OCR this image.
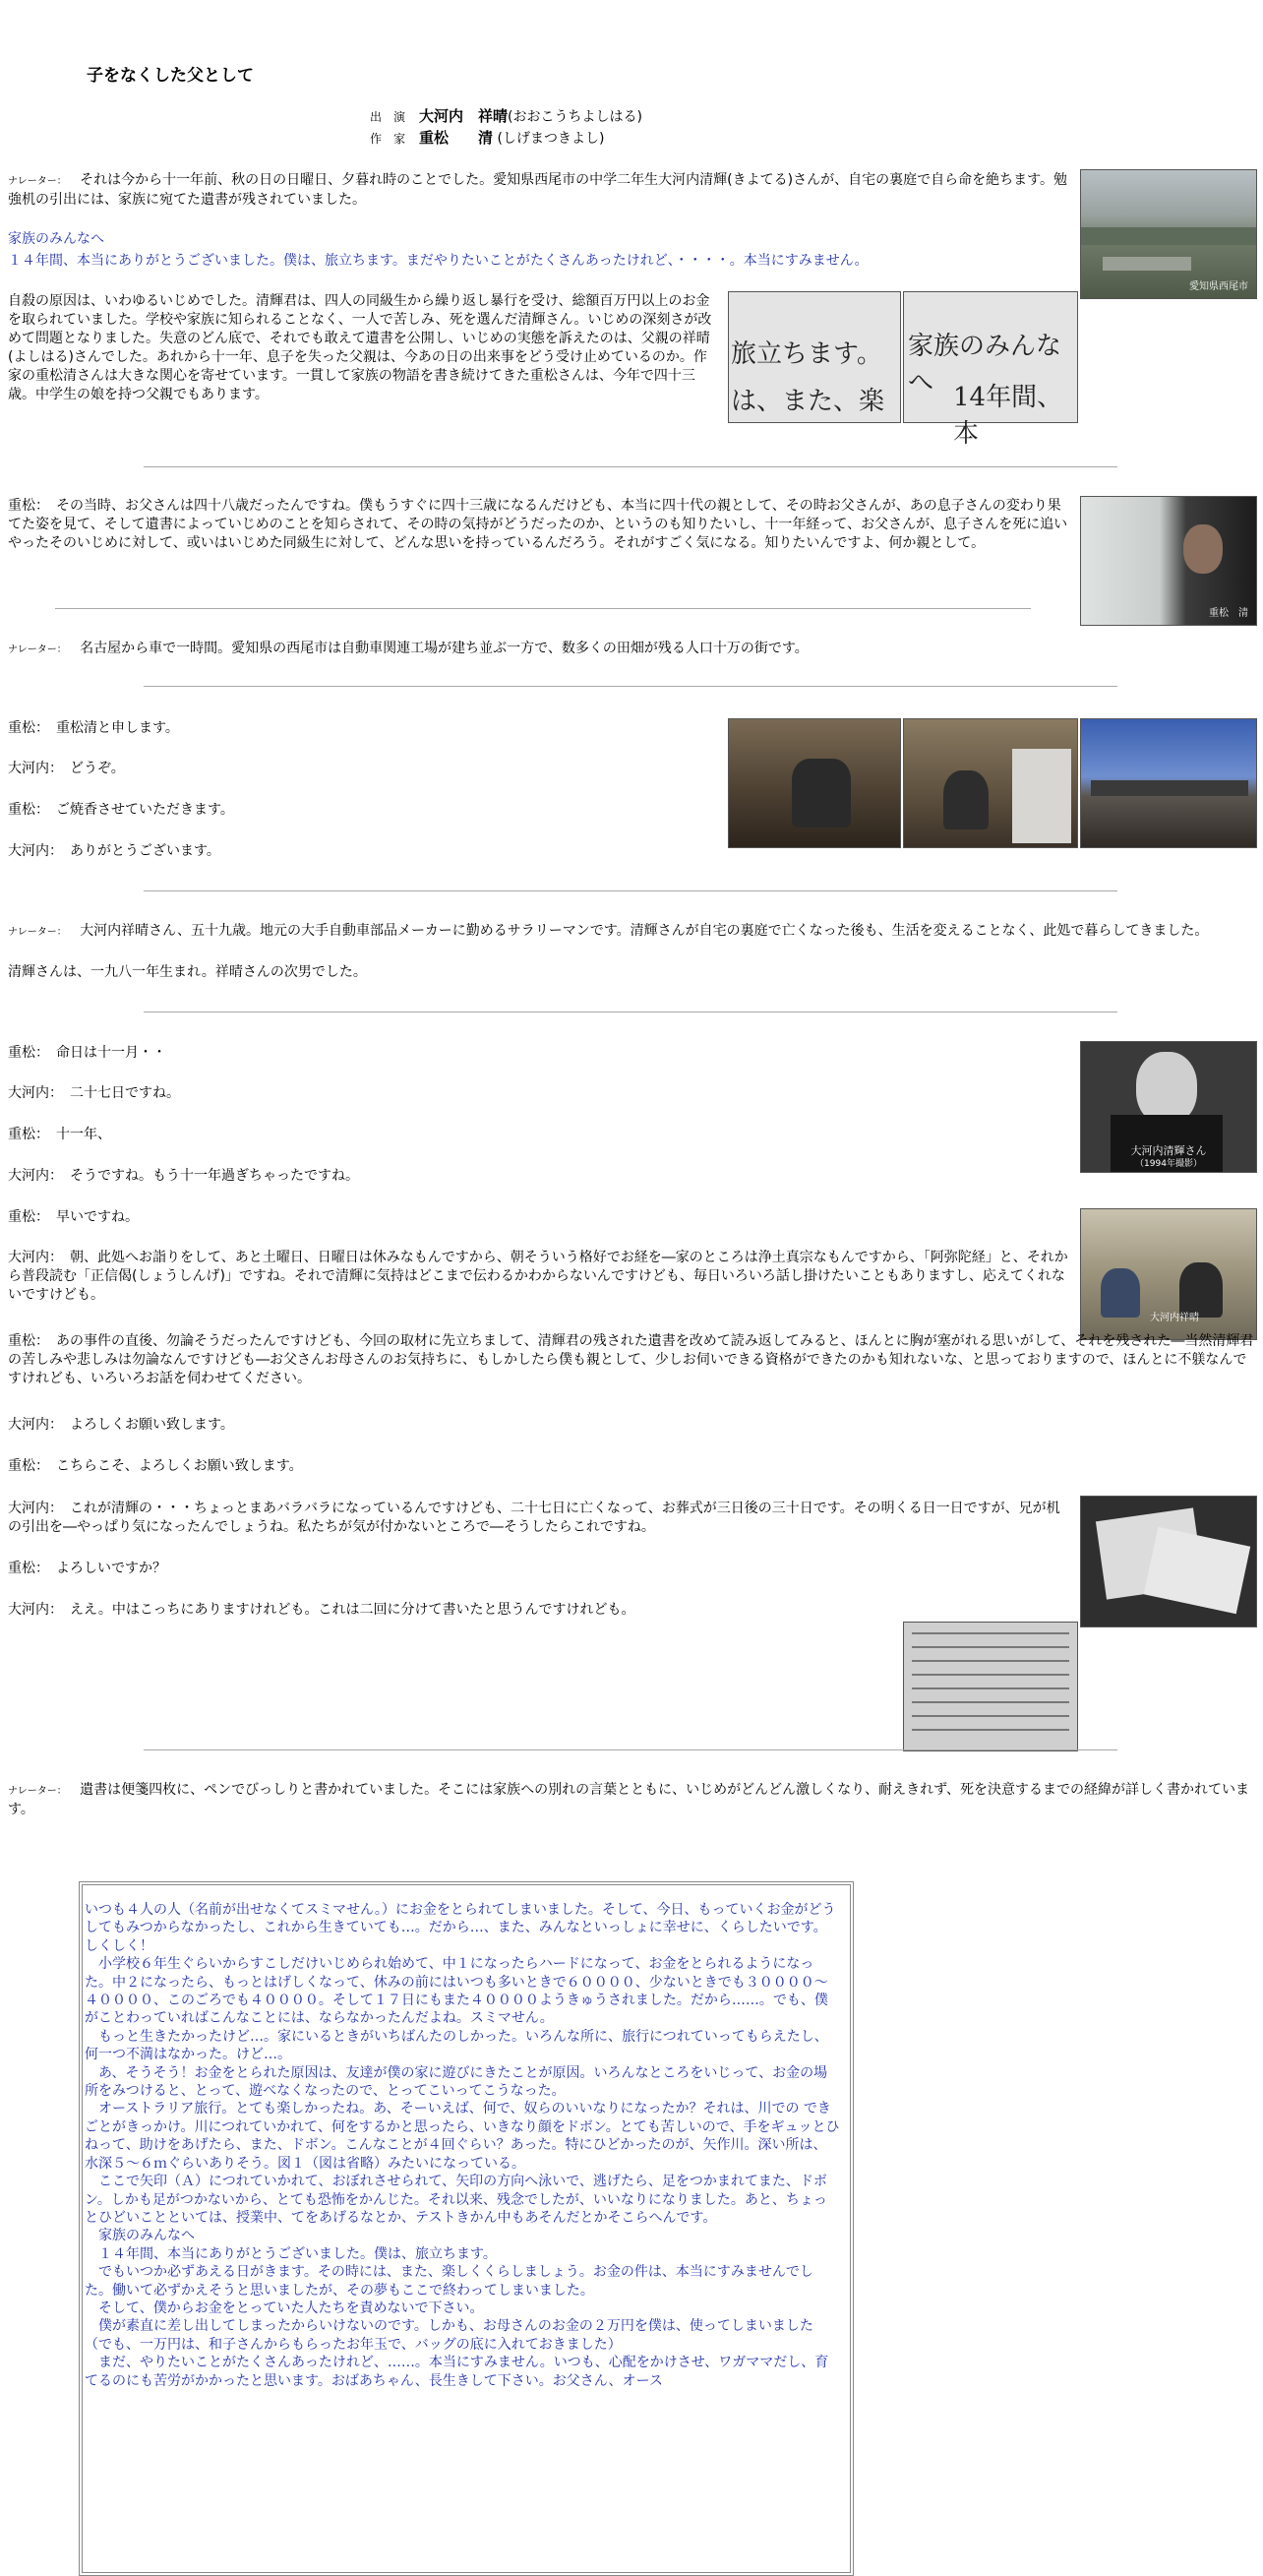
子をなくした父として
出　演 大河内　祥晴(おおこうちよしはる)
作　家 重松　　清 (しげまつきよし)
ナレーター： それは今から十一年前、秋の日の日曜日、夕暮れ時のことでした。愛知県西尾市の中学二年生大河内清輝(きよてる)さんが、自宅の裏庭で自ら命を絶ちます。勉強机の引出には、家族に宛てた遺書が残されていました。
家族のみんなへ
１４年間、本当にありがとうございました。僕は、旅立ちます。まだやりたいことがたくさんあったけれど、・・・・。本当にすみません。
自殺の原因は、いわゆるいじめでした。清輝君は、四人の同級生から繰り返し暴行を受け、総額百万円以上のお金を取られていました。学校や家族に知られることなく、一人で苦しみ、死を選んだ清輝さん。いじめの深刻さが改めて問題となりました。失意のどん底で、それでも敢えて遺書を公開し、いじめの実態を訴えたのは、父親の祥晴(よしはる)さんでした。あれから十一年、息子を失った父親は、今あの日の出来事をどう受け止めているのか。作家の重松清さんは大きな関心を寄せています。一貫して家族の物語を書き続けてきた重松さんは、今年で四十三歳。中学生の娘を持つ父親でもあります。
愛知県西尾市
旅立ちます。
は、また、楽
家族のみんなへ 14年間、本
重松：　その当時、お父さんは四十八歳だったんですね。僕もうすぐに四十三歳になるんだけども、本当に四十代の親として、その時お父さんが、あの息子さんの変わり果てた姿を見て、そして遺書によっていじめのことを知らされて、その時の気持がどうだったのか、というのも知りたいし、十一年経って、お父さんが、息子さんを死に追いやったそのいじめに対して、或いはいじめた同級生に対して、どんな思いを持っているんだろう。それがすごく気になる。知りたいんですよ、何か親として。
重松　清
ナレーター： 名古屋から車で一時間。愛知県の西尾市は自動車関連工場が建ち並ぶ一方で、数多くの田畑が残る人口十万の街です。
重松：　重松清と申します。
大河内：　どうぞ。
重松：　ご焼香させていただきます。
大河内：　ありがとうございます。
ナレーター： 大河内祥晴さん、五十九歳。地元の大手自動車部品メーカーに勤めるサラリーマンです。清輝さんが自宅の裏庭で亡くなった後も、生活を変えることなく、此処で暮らしてきました。
清輝さんは、一九八一年生まれ。祥晴さんの次男でした。
重松：　命日は十一月・・
大河内：　二十七日ですね。
重松：　十一年、
大河内：　そうですね。もう十一年過ぎちゃったですね。
重松：　早いですね。
大河内清輝さん
（1994年撮影）
大河内：　朝、此処へお詣りをして、あと土曜日、日曜日は休みなもんですから、朝そういう格好でお経を―家のところは浄土真宗なもんですから、「阿弥陀経」と、それから普段読む「正信偈(しょうしんげ)」ですね。それで清輝に気持はどこまで伝わるかわからないんですけども、毎日いろいろ話し掛けたいこともありますし、応えてくれないですけども。
大河内祥晴
重松：　あの事件の直後、勿論そうだったんですけども、今回の取材に先立ちまして、清輝君の残された遺書を改めて読み返してみると、ほんとに胸が塞がれる思いがして、それを残された―当然清輝君の苦しみや悲しみは勿論なんですけども―お父さんお母さんのお気持ちに、もしかしたら僕も親として、少しお伺いできる資格ができたのかも知れないな、と思っておりますので、ほんとに不躾なんですけれども、いろいろお話を伺わせてください。
大河内：　よろしくお願い致します。
重松：　こちらこそ、よろしくお願い致します。
大河内：　これが清輝の・・・ちょっとまあバラバラになっているんですけども、二十七日に亡くなって、お葬式が三日後の三十日です。その明くる日一日ですが、兄が机の引出を―やっぱり気になったんでしょうね。私たちが気が付かないところで―そうしたらこれですね。
重松：　よろしいですか？
大河内：　ええ。中はこっちにありますけれども。これは二回に分けて書いたと思うんですけれども。
ナレーター： 遺書は便箋四枚に、ペンでびっしりと書かれていました。そこには家族への別れの言葉とともに、いじめがどんどん激しくなり、耐えきれず、死を決意するまでの経緯が詳しく書かれています。

いつも４人の人（名前が出せなくてスミマせん。）にお金をとられてしまいました。そして、今日、もっていくお金がどうしてもみつからなかったし、これから生きていても…。だから…、また、みんなといっしょに幸せに、くらしたいです。しくしく！
　小学校６年生ぐらいからすこしだけいじめられ始めて、中１になったらハードになって、お金をとられるようになった。中２になったら、もっとはげしくなって、休みの前にはいつも多いときで６００００、少ないときでも３００００～４００００、このごろでも４００００。そして１７日にもまた４００００ようきゅうされました。だから……。でも、僕がことわっていればこんなことには、ならなかったんだよね。スミマせん。
　もっと生きたかったけど…。家にいるときがいちばんたのしかった。いろんな所に、旅行につれていってもらえたし、何一つ不満はなかった。けど…。
　あ、そうそう！お金をとられた原因は、友達が僕の家に遊びにきたことが原因。いろんなところをいじって、お金の場所をみつけると、とって、遊べなくなったので、とってこいってこうなった。
　オーストラリア旅行。とても楽しかったね。あ、そーいえば、何で、奴らのいいなりになったか？それは、川での できごとがきっかけ。川につれていかれて、何をするかと思ったら、いきなり顔をドボン。とても苦しいので、手をギュッとひねって、助けをあげたら、また、ドボン。こんなことが４回ぐらい？あった。特にひどかったのが、矢作川。深い所は、水深５～６ｍぐらいありそう。図１（図は省略）みたいになっている。
　ここで矢印（Ａ）につれていかれて、おぼれさせられて、矢印の方向へ泳いで、逃げたら、足をつかまれてまた、ドボン。しかも足がつかないから、とても恐怖をかんじた。それ以来、残念でしたが、いいなりになりました。あと、ちょっとひどいことといては、授業中、てをあげるなとか、テストきかん中もあそんだとかそこらへんです。
　家族のみんなへ
　１４年間、本当にありがとうございました。僕は、旅立ちます。
　でもいつか必ずあえる日がきます。その時には、また、楽しくくらしましょう。お金の件は、本当にすみませんでした。働いて必ずかえそうと思いましたが、その夢もここで終わってしまいました。
　そして、僕からお金をとっていた人たちを責めないで下さい。
　僕が素直に差し出してしまったからいけないのです。しかも、お母さんのお金の２万円を僕は、使ってしまいました（でも、一万円は、和子さんからもらったお年玉で、バッグの底に入れておきました）
　まだ、やりたいことがたくさんあったけれど、……。本当にすみません。いつも、心配をかけさせ、ワガママだし、育てるのにも苦労がかかったと思います。おばあちゃん、長生きして下さい。お父さん、オース
